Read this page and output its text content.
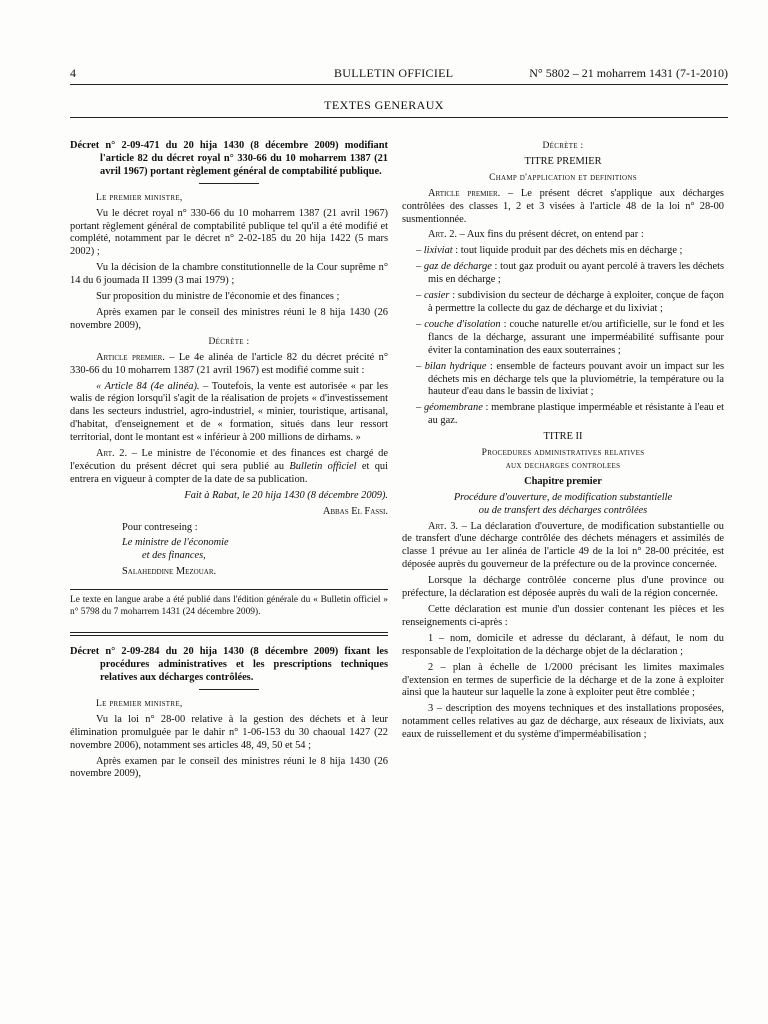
4	BULLETIN OFFICIEL	N° 5802 – 21 moharrem 1431 (7-1-2010)
TEXTES GENERAUX

Décret n° 2-09-471 du 20 hija 1430 (8 décembre 2009) modifiant l'article 82 du décret royal n° 330-66 du 10 moharrem 1387 (21 avril 1967) portant règlement général de comptabilité publique.

Le premier ministre,

Vu le décret royal n° 330-66 du 10 moharrem 1387 (21 avril 1967) portant règlement général de comptabilité publique tel qu'il a été modifié et complété, notamment par le décret n° 2-02-185 du 20 hija 1422 (5 mars 2002) ;

Vu la décision de la chambre constitutionnelle de la Cour suprême n° 14 du 6 joumada II 1399 (3 mai 1979) ;

Sur proposition du ministre de l'économie et des finances ;

Après examen par le conseil des ministres réuni le 8 hija 1430 (26 novembre 2009),

Décrète :

Article premier. – Le 4e alinéa de l'article 82 du décret précité n° 330-66 du 10 moharrem 1387 (21 avril 1967) est modifié comme suit :

« Article 84 (4e alinéa). – Toutefois, la vente est autorisée « par les walis de région lorsqu'il s'agit de la réalisation de projets « d'investissement dans les secteurs industriel, agro-industriel, « minier, touristique, artisanal, d'habitat, d'enseignement et de « formation, situés dans leur ressort territorial, dont le montant est « inférieur à 200 millions de dirhams. »

Art. 2. – Le ministre de l'économie et des finances est chargé de l'exécution du présent décret qui sera publié au Bulletin officiel et qui entrera en vigueur à compter de la date de sa publication.

Fait à Rabat, le 20 hija 1430 (8 décembre 2009).

Abbas El Fassi.

Pour contreseing :

Le ministre de l'économie

et des finances,

Salaheddine Mezouar.

Le texte en langue arabe a été publié dans l'édition générale du « Bulletin officiel » n° 5798 du 7 moharrem 1431 (24 décembre 2009).

Décret n° 2-09-284 du 20 hija 1430 (8 décembre 2009) fixant les procédures administratives et les prescriptions techniques relatives aux décharges contrôlées.

Le premier ministre,

Vu la loi n° 28-00 relative à la gestion des déchets et à leur élimination promulguée par le dahir n° 1-06-153 du 30 chaoual 1427 (22 novembre 2006), notamment ses articles 48, 49, 50 et 54 ;

Après examen par le conseil des ministres réuni le 8 hija 1430 (26 novembre 2009),

Décrète :

TITRE PREMIER

Champ d'application et definitions

Article premier. – Le présent décret s'applique aux décharges contrôlées des classes 1, 2 et 3 visées à l'article 48 de la loi n° 28-00 susmentionnée.

Art. 2. – Aux fins du présent décret, on entend par :

– lixiviat : tout liquide produit par des déchets mis en décharge ;

– gaz de décharge : tout gaz produit ou ayant percolé à travers les déchets mis en décharge ;

– casier : subdivision du secteur de décharge à exploiter, conçue de façon à permettre la collecte du gaz de décharge et du lixiviat ;

– couche d'isolation : couche naturelle et/ou artificielle, sur le fond et les flancs de la décharge, assurant une imperméabilité suffisante pour éviter la contamination des eaux souterraines ;

– bilan hydrique : ensemble de facteurs pouvant avoir un impact sur les déchets mis en décharge tels que la pluviométrie, la température ou la hauteur d'eau dans le bassin de lixiviat ;

– géomembrane : membrane plastique imperméable et résistante à l'eau et au gaz.

TITRE II

Procedures administratives relatives

aux decharges controlees

Chapitre premier

Procédure d'ouverture, de modification substantielle

ou de transfert des décharges contrôlées

Art. 3. – La déclaration d'ouverture, de modification substantielle ou de transfert d'une décharge contrôlée des déchets ménagers et assimilés de classe 1 prévue au 1er alinéa de l'article 49 de la loi n° 28-00 précitée, est déposée auprès du gouverneur de la préfecture ou de la province concernée.

Lorsque la décharge contrôlée concerne plus d'une province ou préfecture, la déclaration est déposée auprès du wali de la région concernée.

Cette déclaration est munie d'un dossier contenant les pièces et les renseignements ci-après :

1 – nom, domicile et adresse du déclarant, à défaut, le nom du responsable de l'exploitation de la décharge objet de la déclaration ;

2 – plan à échelle de 1/2000 précisant les limites maximales d'extension en termes de superficie de la décharge et de la zone à exploiter ainsi que la hauteur sur laquelle la zone à exploiter peut être comblée ;

3 – description des moyens techniques et des installations proposées, notamment celles relatives au gaz de décharge, aux réseaux de lixiviats, aux eaux de ruissellement et du système d'imperméabilisation ;
